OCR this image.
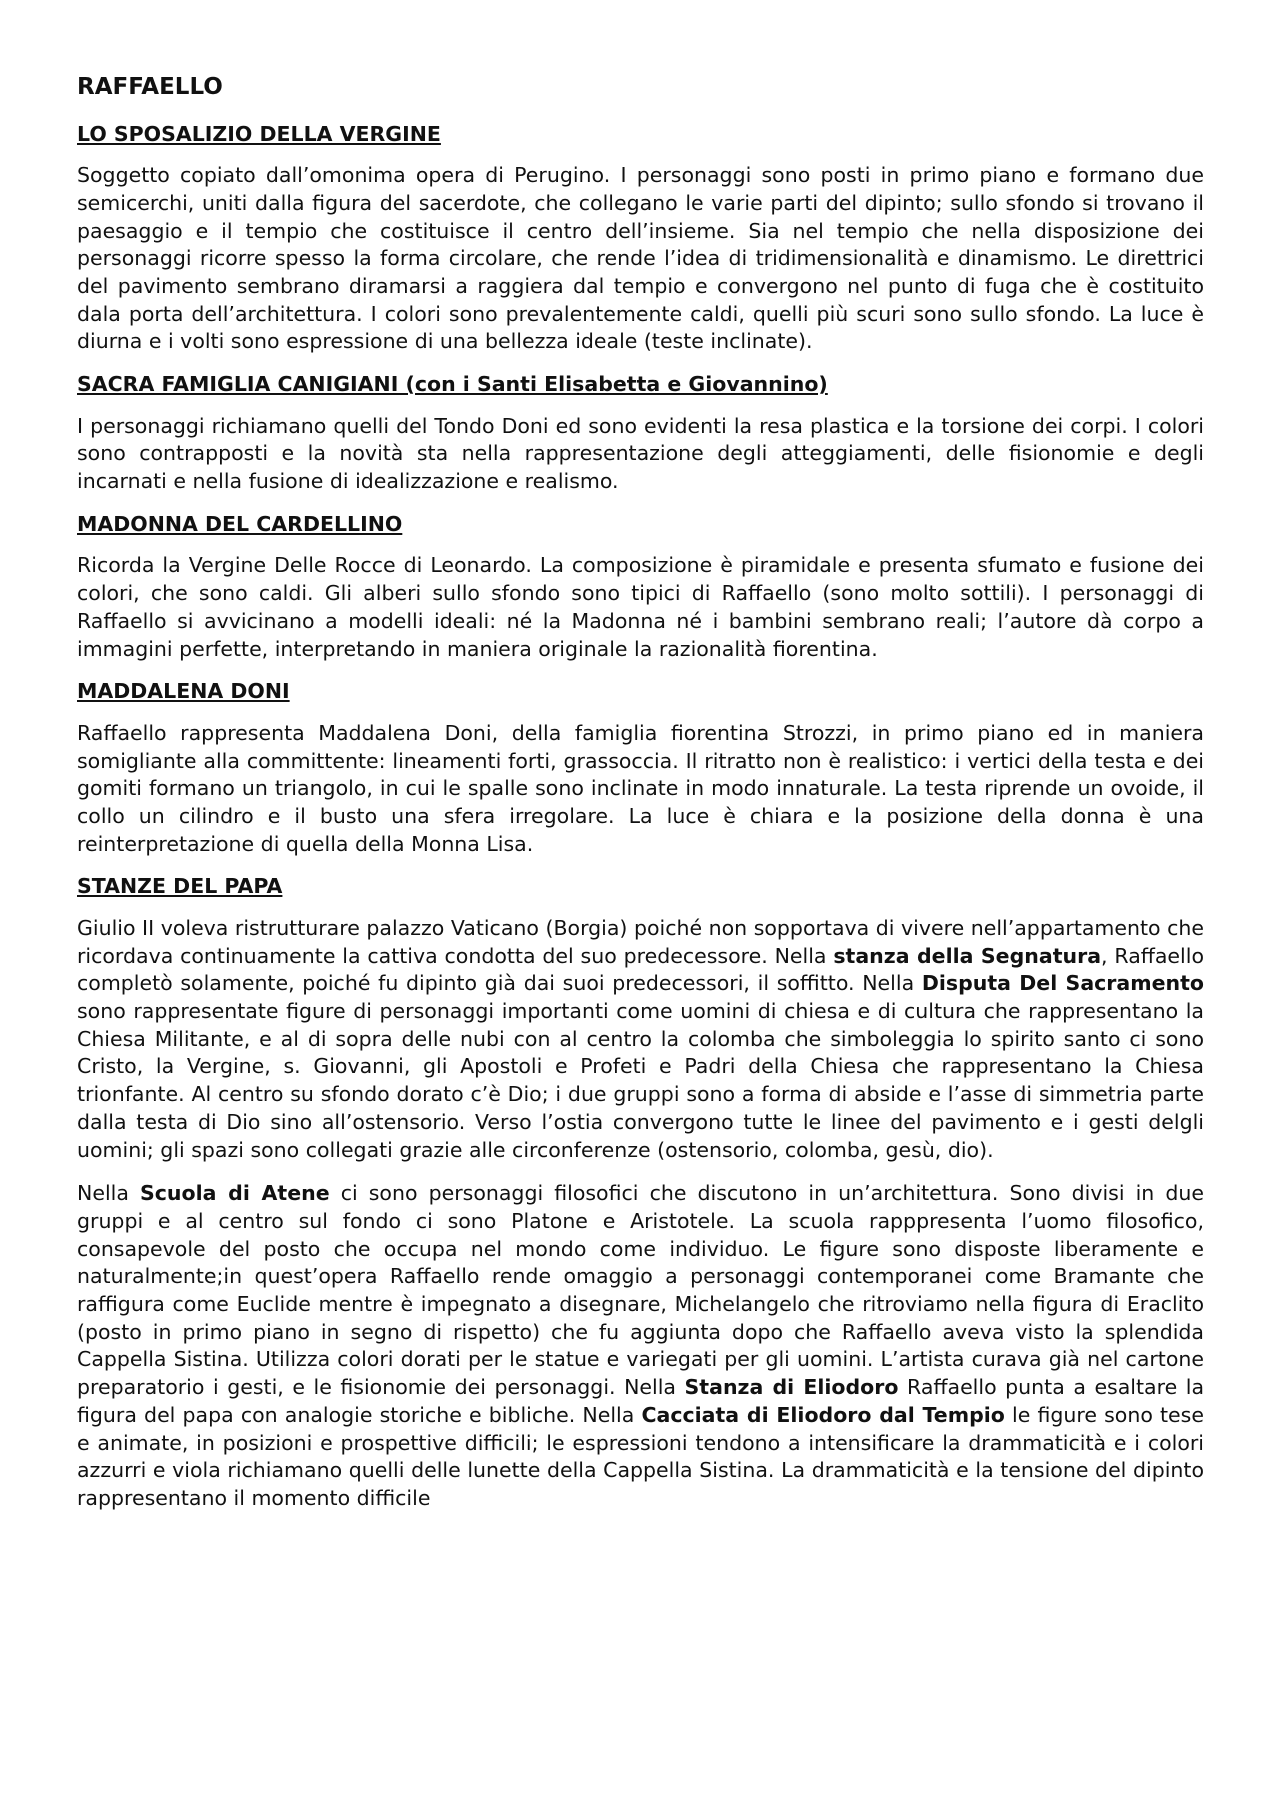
RAFFAELLO
LO SPOSALIZIO DELLA VERGINE

Soggetto copiato dall’omonima opera di Perugino. I personaggi sono posti in primo piano e formano due semicerchi, uniti dalla figura del sacerdote, che collegano le varie parti del dipinto; sullo sfondo si trovano il paesaggio e il tempio che costituisce il centro dell’insieme. Sia nel tempio che nella disposizione dei personaggi ricorre spesso la forma circolare, che rende l’idea di tridimensionalità e dinamismo. Le direttrici del pavimento sembrano diramarsi a raggiera dal tempio e convergono nel punto di fuga che è costituito dala porta dell’architettura. I colori sono prevalentemente caldi, quelli più scuri sono sullo sfondo. La luce è diurna e i volti sono espressione di una bellezza ideale (teste inclinate).

SACRA FAMIGLIA CANIGIANI (con i Santi Elisabetta e Giovannino)

I personaggi richiamano quelli del Tondo Doni ed sono evidenti la resa plastica e la torsione dei corpi. I colori sono contrapposti e la novità sta nella rappresentazione degli atteggiamenti, delle fisionomie e degli incarnati e nella fusione di idealizzazione e realismo.

MADONNA DEL CARDELLINO

Ricorda la Vergine Delle Rocce di Leonardo. La composizione è piramidale e presenta sfumato e fusione dei colori, che sono caldi. Gli alberi sullo sfondo sono tipici di Raffaello (sono molto sottili). I personaggi di Raffaello si avvicinano a modelli ideali: né la Madonna né i bambini sembrano reali; l’autore dà corpo a immagini perfette, interpretando in maniera originale la razionalità fiorentina.

MADDALENA DONI

Raffaello rappresenta Maddalena Doni, della famiglia fiorentina Strozzi, in primo piano ed in maniera somigliante alla committente: lineamenti forti, grassoccia. Il ritratto non è realistico: i vertici della testa e dei gomiti formano un triangolo, in cui le spalle sono inclinate in modo innaturale. La testa riprende un ovoide, il collo un cilindro e il busto una sfera irregolare. La luce è chiara e la posizione della donna è una reinterpretazione di quella della Monna Lisa.

STANZE DEL PAPA

Giulio II voleva ristrutturare palazzo Vaticano (Borgia) poiché non sopportava di vivere nell’appartamento che ricordava continuamente la cattiva condotta del suo predecessore. Nella stanza della Segnatura, Raffaello completò solamente, poiché fu dipinto già dai suoi predecessori, il soffitto. Nella Disputa Del Sacramento sono rappresentate figure di personaggi importanti come uomini di chiesa e di cultura che rappresentano la Chiesa Militante, e al di sopra delle nubi con al centro la colomba che simboleggia lo spirito santo ci sono Cristo, la Vergine, s. Giovanni, gli Apostoli e Profeti e Padri della Chiesa che rappresentano la Chiesa trionfante. Al centro su sfondo dorato c’è Dio; i due gruppi sono a forma di abside e l’asse di simmetria parte dalla testa di Dio sino all’ostensorio. Verso l’ostia convergono tutte le linee del pavimento e i gesti delgli uomini; gli spazi sono collegati grazie alle circonferenze (ostensorio, colomba, gesù, dio).

Nella Scuola di Atene ci sono personaggi filosofici che discutono in un’architettura. Sono divisi in due gruppi e al centro sul fondo ci sono Platone e Aristotele. La scuola rapppresenta l’uomo filosofico, consapevole del posto che occupa nel mondo come individuo. Le figure sono disposte liberamente e naturalmente;in quest’opera Raffaello rende omaggio a personaggi contemporanei come Bramante che raffigura come Euclide mentre è impegnato a disegnare, Michelangelo che ritroviamo nella figura di Eraclito (posto in primo piano in segno di rispetto) che fu aggiunta dopo che Raffaello aveva visto la splendida Cappella Sistina. Utilizza colori dorati per le statue e variegati per gli uomini. L’artista curava già nel cartone preparatorio i gesti, e le fisionomie dei personaggi. Nella Stanza di Eliodoro Raffaello punta a esaltare la figura del papa con analogie storiche e bibliche. Nella Cacciata di Eliodoro dal Tempio le figure sono tese e animate, in posizioni e prospettive difficili; le espressioni tendono a intensificare la drammaticità e i colori azzurri e viola richiamano quelli delle lunette della Cappella Sistina. La drammaticità e la tensione del dipinto rappresentano il momento difficile
